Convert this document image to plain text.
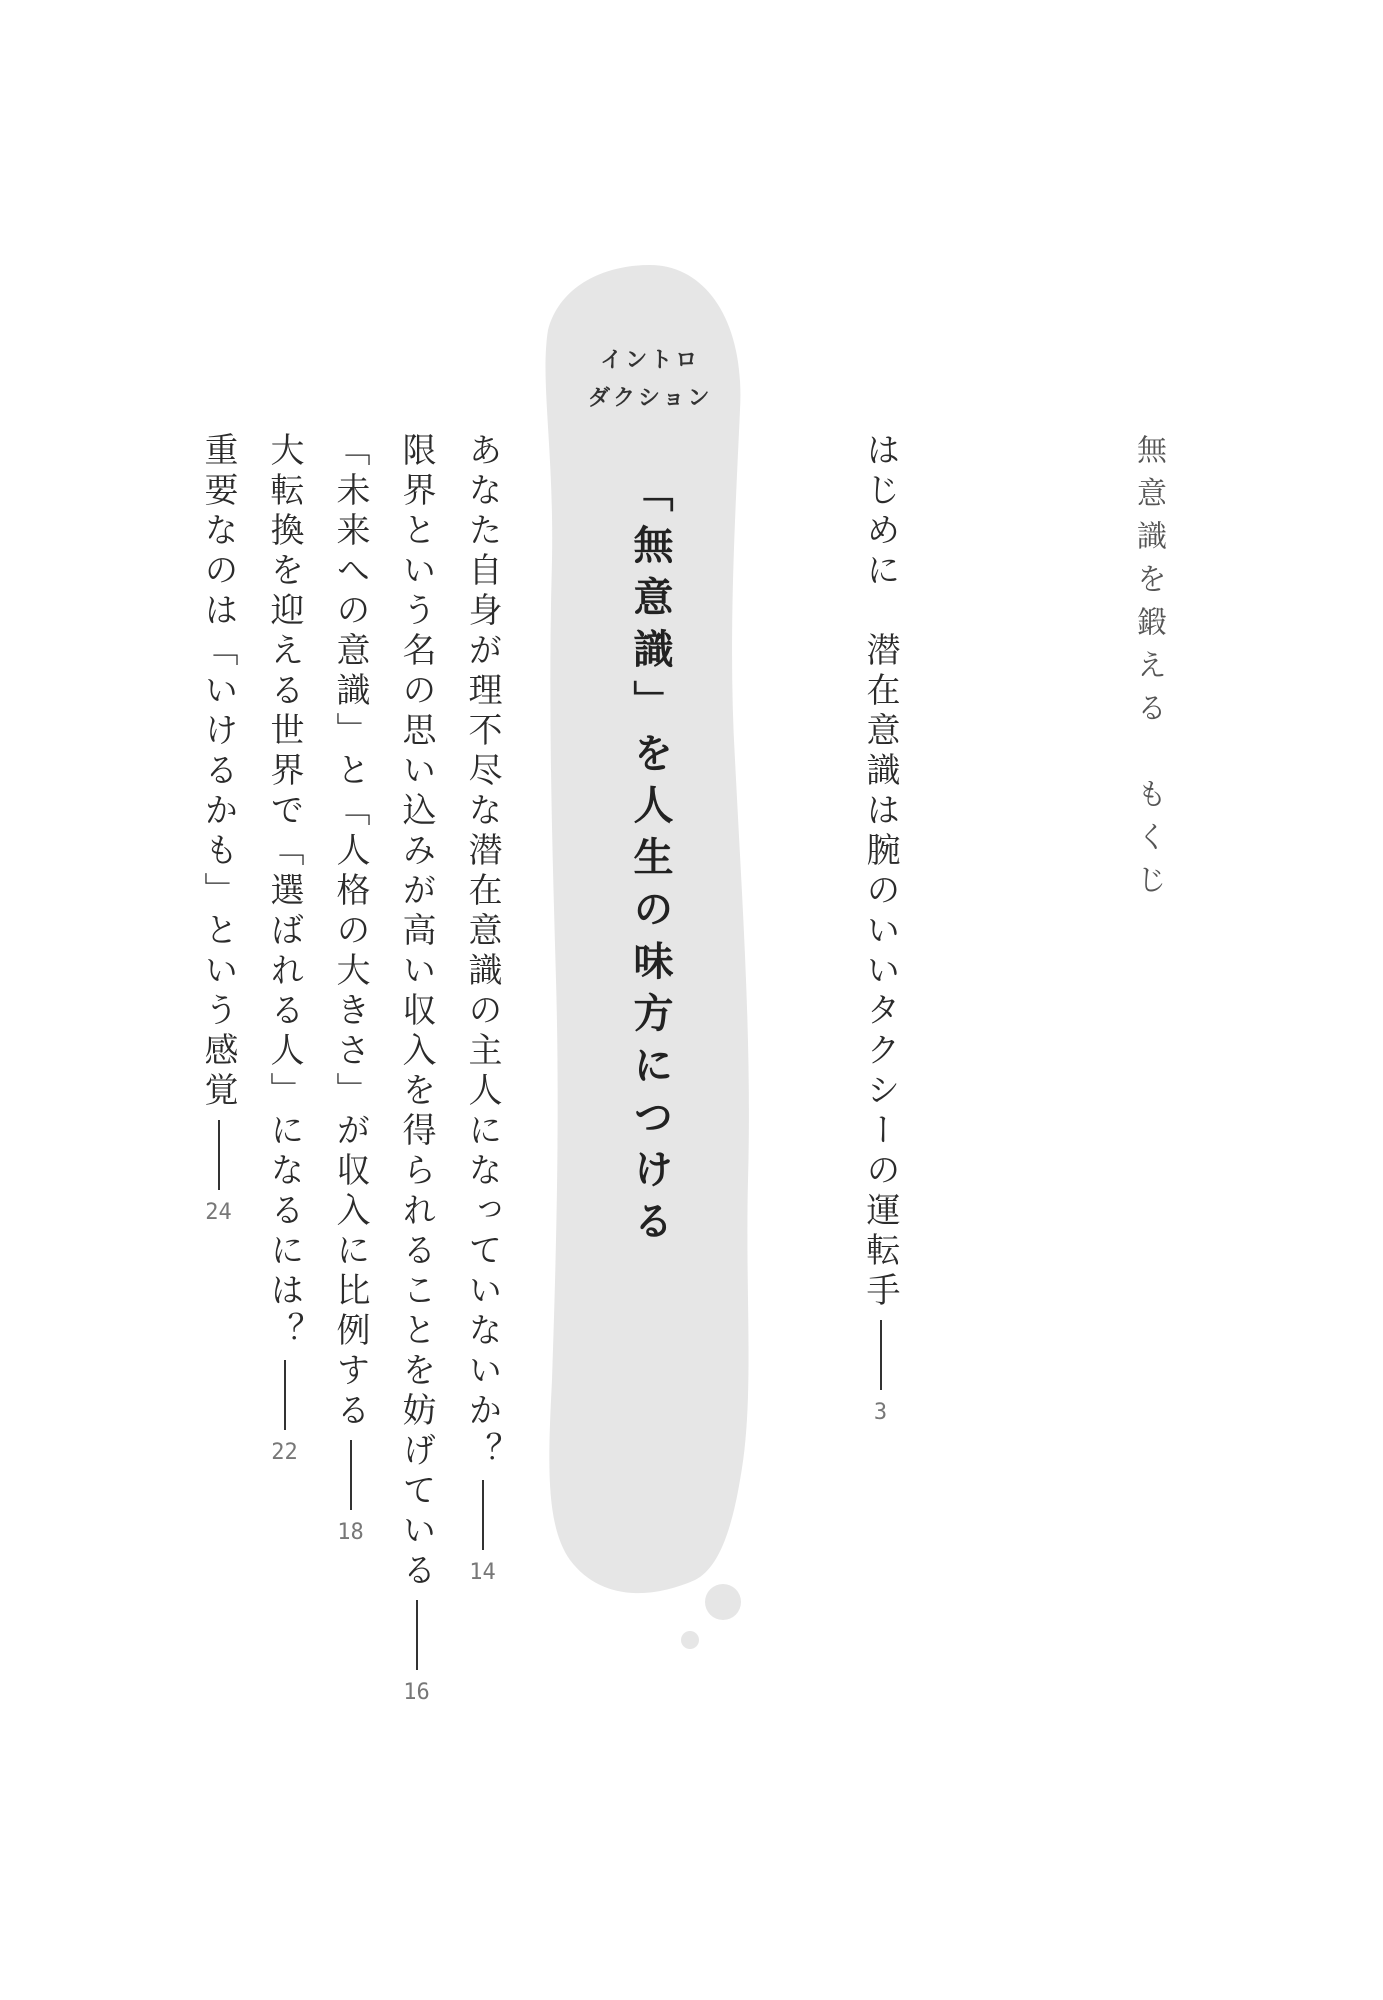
無意識を鍛える　もくじ
はじめに　潜在意識は腕のいいタクシーの運転手
3
イントロ
ダクション
「無意識」を人生の味方につける
あなた自身が理不尽な潜在意識の主人になっていないか？
14
限界という名の思い込みが高い収入を得られることを妨げている
16
「未来への意識」と「人格の大きさ」が収入に比例する
18
大転換を迎える世界で「選ばれる人」になるには？
22
重要なのは「いけるかも」という感覚
24
